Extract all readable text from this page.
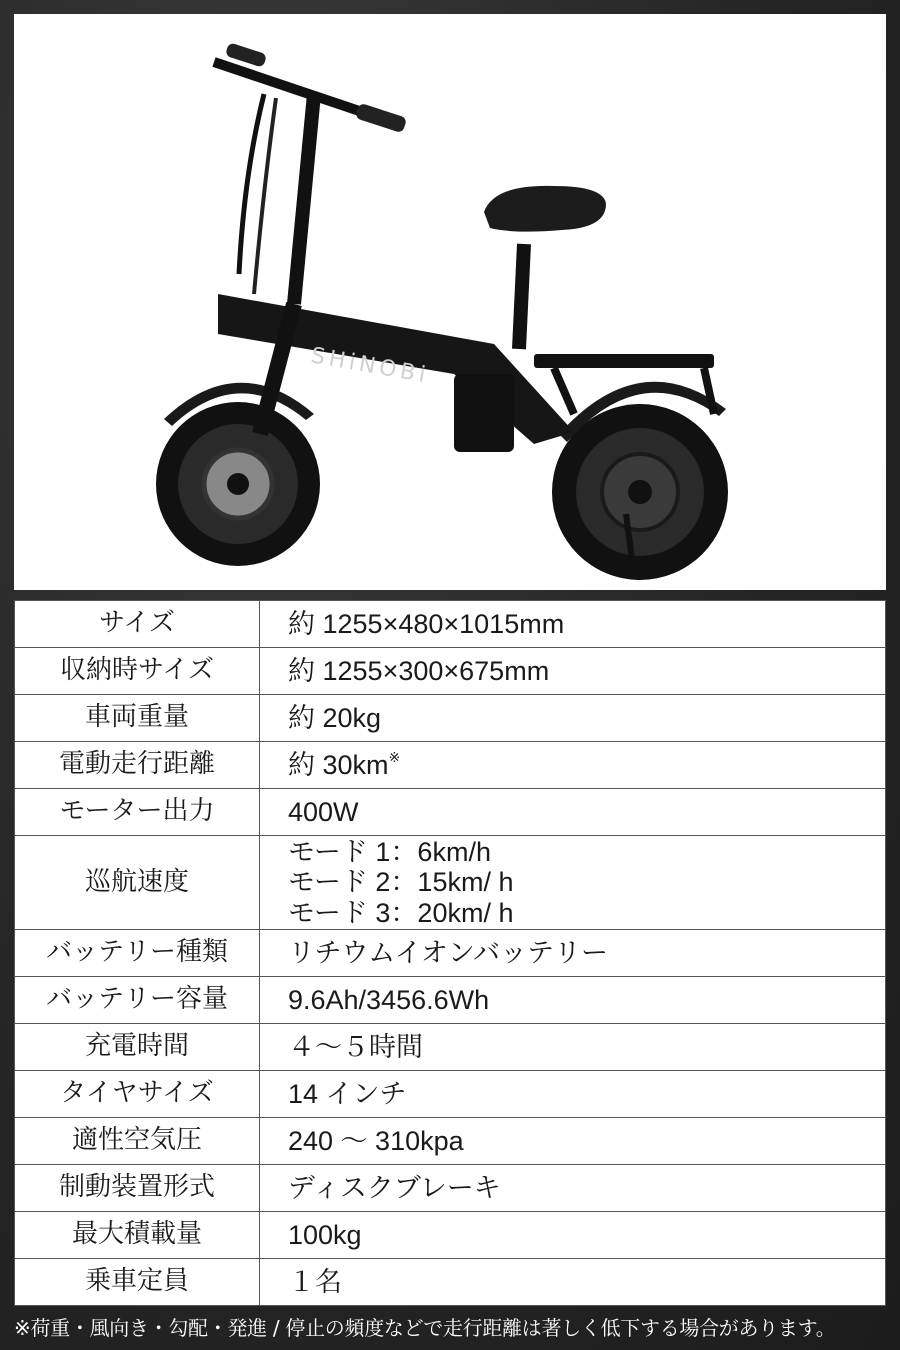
SHiNOBi
サイズ	約 1255×480×1015mm
収納時サイズ	約 1255×300×675mm
車両重量	約 20kg
電動走行距離	約 30km※
モーター出力	400W
巡航速度	モード 1：6km/h
モード 2：15km/ h
モード 3：20km/ h

バッテリー種類	リチウムイオンバッテリー
バッテリー容量	9.6Ah/3456.6Wh
充電時間	４～５時間
タイヤサイズ	14 インチ
適性空気圧	240 ～ 310kpa
制動装置形式	ディスクブレーキ
最大積載量	100kg
乗車定員	１名
※荷重・風向き・勾配・発進 / 停止の頻度などで走行距離は著しく低下する場合があります。
